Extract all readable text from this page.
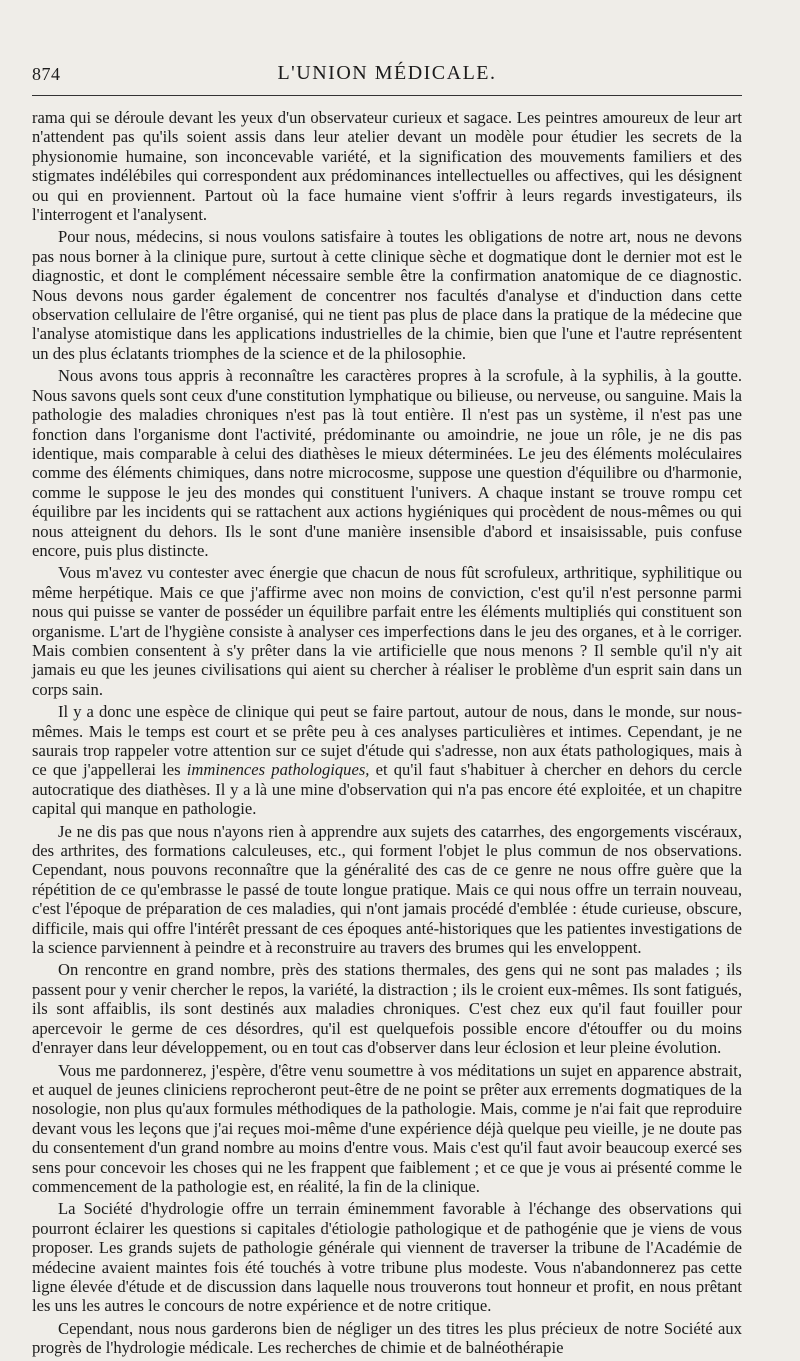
874	L'UNION MÉDICALE.

rama qui se déroule devant les yeux d'un observateur curieux et sagace. Les peintres amoureux de leur art n'attendent pas qu'ils soient assis dans leur atelier devant un modèle pour étudier les secrets de la physionomie humaine, son inconcevable variété, et la signification des mouvements familiers et des stigmates indélébiles qui correspondent aux prédominances intellectuelles ou affectives, qui les désignent ou qui en proviennent. Partout où la face humaine vient s'offrir à leurs regards investigateurs, ils l'interrogent et l'analysent.

Pour nous, médecins, si nous voulons satisfaire à toutes les obligations de notre art, nous ne devons pas nous borner à la clinique pure, surtout à cette clinique sèche et dogmatique dont le dernier mot est le diagnostic, et dont le complément nécessaire semble être la confirmation anatomique de ce diagnostic. Nous devons nous garder également de concentrer nos facultés d'analyse et d'induction dans cette observation cellulaire de l'être organisé, qui ne tient pas plus de place dans la pratique de la médecine que l'analyse atomistique dans les applications industrielles de la chimie, bien que l'une et l'autre représentent un des plus éclatants triomphes de la science et de la philosophie.

Nous avons tous appris à reconnaître les caractères propres à la scrofule, à la syphilis, à la goutte. Nous savons quels sont ceux d'une constitution lymphatique ou bilieuse, ou nerveuse, ou sanguine. Mais la pathologie des maladies chroniques n'est pas là tout entière. Il n'est pas un système, il n'est pas une fonction dans l'organisme dont l'activité, prédominante ou amoindrie, ne joue un rôle, je ne dis pas identique, mais comparable à celui des diathèses le mieux déterminées. Le jeu des éléments moléculaires comme des éléments chimiques, dans notre microcosme, suppose une question d'équilibre ou d'harmonie, comme le suppose le jeu des mondes qui constituent l'univers. A chaque instant se trouve rompu cet équilibre par les incidents qui se rattachent aux actions hygiéniques qui procèdent de nous-mêmes ou qui nous atteignent du dehors. Ils le sont d'une manière insensible d'abord et insaisissable, puis confuse encore, puis plus distincte.

Vous m'avez vu contester avec énergie que chacun de nous fût scrofuleux, arthritique, syphilitique ou même herpétique. Mais ce que j'affirme avec non moins de conviction, c'est qu'il n'est personne parmi nous qui puisse se vanter de posséder un équilibre parfait entre les éléments multipliés qui constituent son organisme. L'art de l'hygiène consiste à analyser ces imperfections dans le jeu des organes, et à le corriger. Mais combien consentent à s'y prêter dans la vie artificielle que nous menons ? Il semble qu'il n'y ait jamais eu que les jeunes civilisations qui aient su chercher à réaliser le problème d'un esprit sain dans un corps sain.

Il y a donc une espèce de clinique qui peut se faire partout, autour de nous, dans le monde, sur nous-mêmes. Mais le temps est court et se prête peu à ces analyses particulières et intimes. Cependant, je ne saurais trop rappeler votre attention sur ce sujet d'étude qui s'adresse, non aux états pathologiques, mais à ce que j'appellerai les imminences pathologiques, et qu'il faut s'habituer à chercher en dehors du cercle autocratique des diathèses. Il y a là une mine d'observation qui n'a pas encore été exploitée, et un chapitre capital qui manque en pathologie.

Je ne dis pas que nous n'ayons rien à apprendre aux sujets des catarrhes, des engorgements viscéraux, des arthrites, des formations calculeuses, etc., qui forment l'objet le plus commun de nos observations. Cependant, nous pouvons reconnaître que la généralité des cas de ce genre ne nous offre guère que la répétition de ce qu'embrasse le passé de toute longue pratique. Mais ce qui nous offre un terrain nouveau, c'est l'époque de préparation de ces maladies, qui n'ont jamais procédé d'emblée : étude curieuse, obscure, difficile, mais qui offre l'intérêt pressant de ces époques anté-historiques que les patientes investigations de la science parviennent à peindre et à reconstruire au travers des brumes qui les enveloppent.

On rencontre en grand nombre, près des stations thermales, des gens qui ne sont pas malades ; ils passent pour y venir chercher le repos, la variété, la distraction ; ils le croient eux-mêmes. Ils sont fatigués, ils sont affaiblis, ils sont destinés aux maladies chroniques. C'est chez eux qu'il faut fouiller pour apercevoir le germe de ces désordres, qu'il est quelquefois possible encore d'étouffer ou du moins d'enrayer dans leur développement, ou en tout cas d'observer dans leur éclosion et leur pleine évolution.

Vous me pardonnerez, j'espère, d'être venu soumettre à vos méditations un sujet en apparence abstrait, et auquel de jeunes cliniciens reprocheront peut-être de ne point se prêter aux errements dogmatiques de la nosologie, non plus qu'aux formules méthodiques de la pathologie. Mais, comme je n'ai fait que reproduire devant vous les leçons que j'ai reçues moi-même d'une expérience déjà quelque peu vieille, je ne doute pas du consentement d'un grand nombre au moins d'entre vous. Mais c'est qu'il faut avoir beaucoup exercé ses sens pour concevoir les choses qui ne les frappent que faiblement ; et ce que je vous ai présenté comme le commencement de la pathologie est, en réalité, la fin de la clinique.

La Société d'hydrologie offre un terrain éminemment favorable à l'échange des observations qui pourront éclairer les questions si capitales d'étiologie pathologique et de pathogénie que je viens de vous proposer. Les grands sujets de pathologie générale qui viennent de traverser la tribune de l'Académie de médecine avaient maintes fois été touchés à votre tribune plus modeste. Vous n'abandonnerez pas cette ligne élevée d'étude et de discussion dans laquelle nous trouverons tout honneur et profit, en nous prêtant les uns les autres le concours de notre expérience et de notre critique.

Cependant, nous nous garderons bien de négliger un des titres les plus précieux de notre Société aux progrès de l'hydrologie médicale. Les recherches de chimie et de balnéothérapie
